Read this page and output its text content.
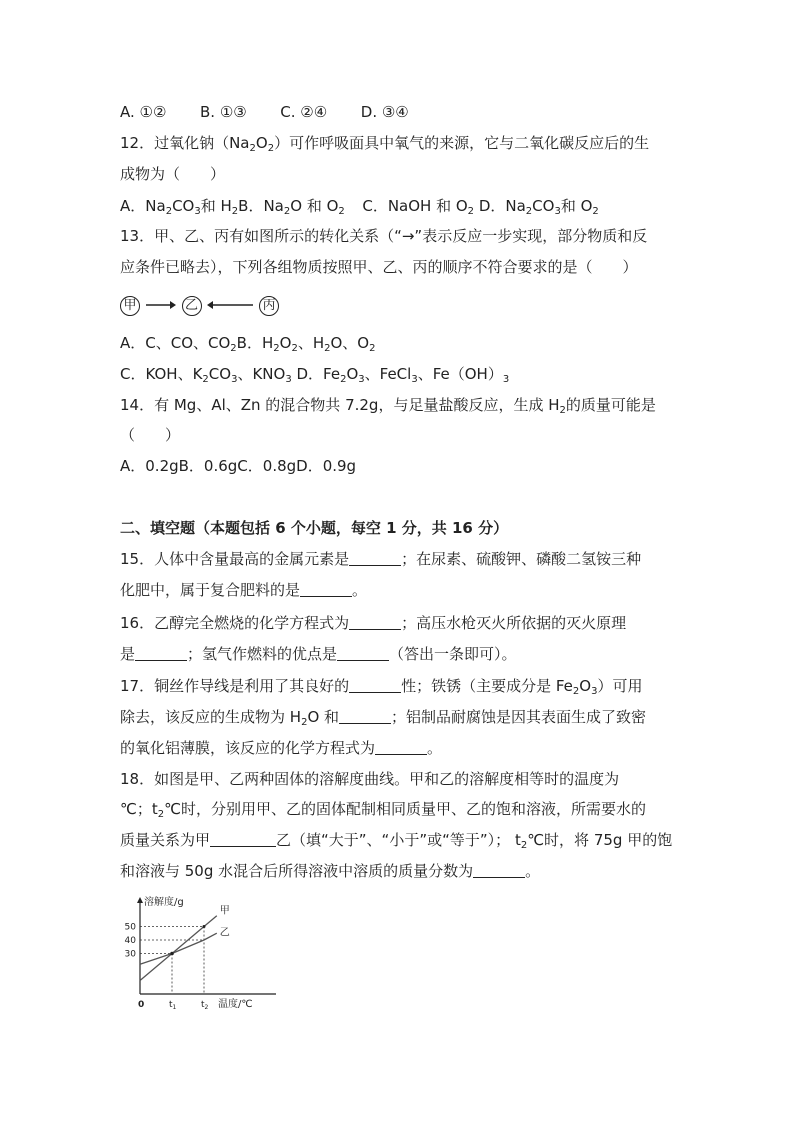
A. ①② B. ①③ C. ②④ D. ③④
12．过氧化钠$(Na_2O_2)$可作呼吸面具中氧气的来源，它与二氧化碳反应后的生
成物为（　　）
A．$Na_2CO_3$和 $H_2B$．$Na_2O$ 和 $O_2$ C．NaOH 和 $O_2$ D．$Na_2CO_3$和 $O_2$
13．甲、乙、丙有如图所示的转化关系（“→”表示反应一步实现，部分物质和反
应条件已略去），下列各组物质按照甲、乙、丙的顺序不符合要求的是（　　）
甲	乙	丙
A．C、CO、$CO_2B$．$H_2O_2$、$H_2O$、$O_2$
C．KOH、$K_2CO_3$、$KNO_3$ D．$Fe_2O_3$、FeCl$_3$、$Fe(OH)_3$
14．有 Mg、Al、Zn 的混合物共 7.2g，与足量盐酸反应，生成 $H_2$的质量可能是
（　　）
A．0.2gB．0.6gC．0.8gD．0.9g
二、填空题（本题包括 6 个小题，每空 1 分，共 16 分）
15．人体中含量最高的金属元素是	；在尿素、硫酸钾、磷酸二氢铵三种
化肥中，属于复合肥料的是	。
16．乙醇完全燃烧的化学方程式为	；高压水枪灭火所依据的灭火原理
是	；氢气作燃料的优点是	（答出一条即可）。
17．铜丝作导线是利用了其良好的	性；铁锈（主要成分是 $Fe_2O_3$）可用
除去，该反应的生成物为 $H_2O$ 和	；铝制品耐腐蚀是因其表面生成了致密
的氧化铝薄膜，该反应的化学方程式为	。
18．如图是甲、乙两种固体的溶解度曲线。甲和乙的溶解度相等时的温度为
℃；$t_2℃$时，分别用甲、乙的固体配制相同质量甲、乙的饱和溶液，所需要水的
质量关系为甲	乙（填“大于”、“小于”或“等于”）； $t_2℃$时，将 75g 甲的饱
和溶液与 50g 水混合后所得溶液中溶质的质量分数为	。
溶解度/g
30
40
50
0	$t_1$	$t_2$ 温度/℃
甲
乙
